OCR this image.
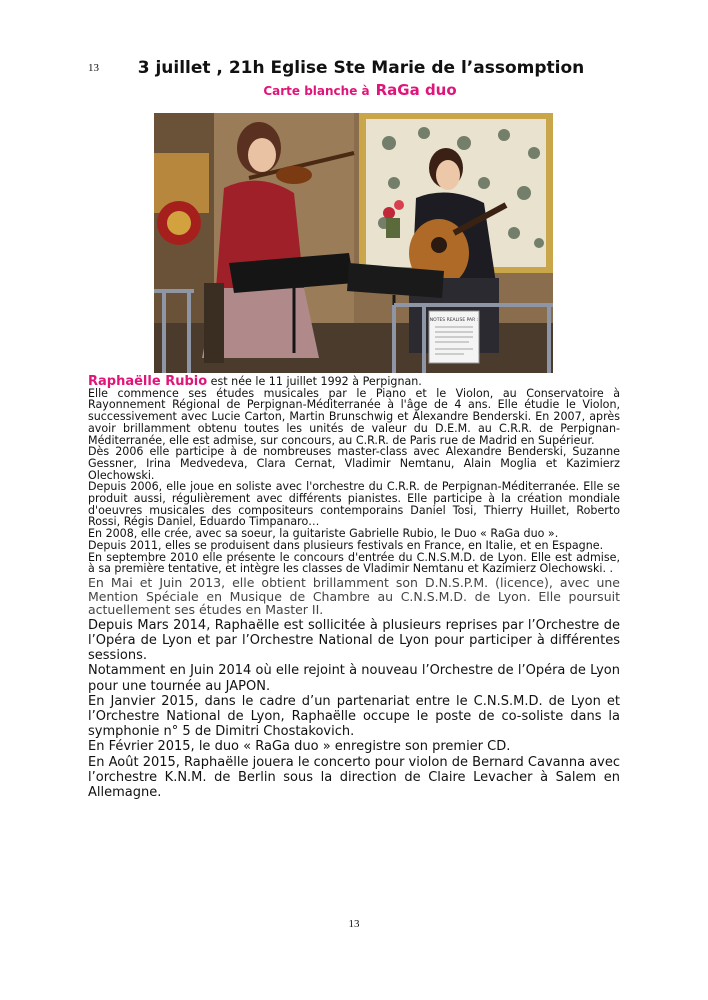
13	3 juillet , 21h Eglise Ste Marie de l’assomption
Carte blanche à RaGa duo
NOTES REALISE PAR :

Raphaëlle Rubio est née le 11 juillet 1992 à Perpignan.

Elle commence ses études musicales par le Piano et le Violon, au Conservatoire à Rayonnement Régional de Perpignan-Méditerranée à l'âge de 4 ans. Elle étudie le Violon, successivement avec Lucie Carton, Martin Brunschwig et Alexandre Benderski. En 2007, après avoir brillamment obtenu toutes les unités de valeur du D.E.M. au C.R.R. de Perpignan-Méditerranée, elle est admise, sur concours, au C.R.R. de Paris rue de Madrid en Supérieur.

Dès 2006 elle participe à de nombreuses master-class avec Alexandre Benderski, Suzanne Gessner, Irina Medvedeva, Clara Cernat, Vladimir Nemtanu, Alain Moglia et Kazimierz Olechowski.

Depuis 2006, elle joue en soliste avec l'orchestre du C.R.R. de Perpignan-Méditerranée. Elle se produit aussi, régulièrement avec différents pianistes. Elle participe à la création mondiale d'oeuvres musicales des compositeurs contemporains Daniel Tosi, Thierry Huillet, Roberto Rossi, Régis Daniel, Eduardo Timpanaro…

En 2008, elle crée, avec sa soeur, la guitariste Gabrielle Rubio, le Duo « RaGa duo ».

Depuis 2011, elles se produisent dans plusieurs festivals en France, en Italie, et en Espagne.

En septembre 2010 elle présente le concours d'entrée du C.N.S.M.D. de Lyon. Elle est admise, à sa première tentative, et intègre les classes de Vladimir Nemtanu et Kazimierz Olechowski. .

En Mai et Juin 2013, elle obtient brillamment son D.N.S.P.M. (licence), avec une Mention Spéciale en Musique de Chambre au C.N.S.M.D. de Lyon. Elle poursuit actuellement ses études en Master II.

Depuis Mars 2014, Raphaëlle est sollicitée à plusieurs reprises par l’Orchestre de l’Opéra de Lyon et par l’Orchestre National de Lyon pour participer à différentes sessions.

Notamment en Juin 2014 où elle rejoint à nouveau l’Orchestre de l’Opéra de Lyon pour une tournée au JAPON.

En Janvier 2015, dans le cadre d’un partenariat entre le C.N.S.M.D. de Lyon et l’Orchestre National de Lyon, Raphaëlle occupe le poste de co-soliste dans la symphonie n° 5 de Dimitri Chostakovich.

En Février 2015, le duo « RaGa duo » enregistre son premier CD.

En Août 2015, Raphaëlle jouera le concerto pour violon de Bernard Cavanna avec l’orchestre K.N.M. de Berlin sous la direction de Claire Levacher à Salem en Allemagne.

13
